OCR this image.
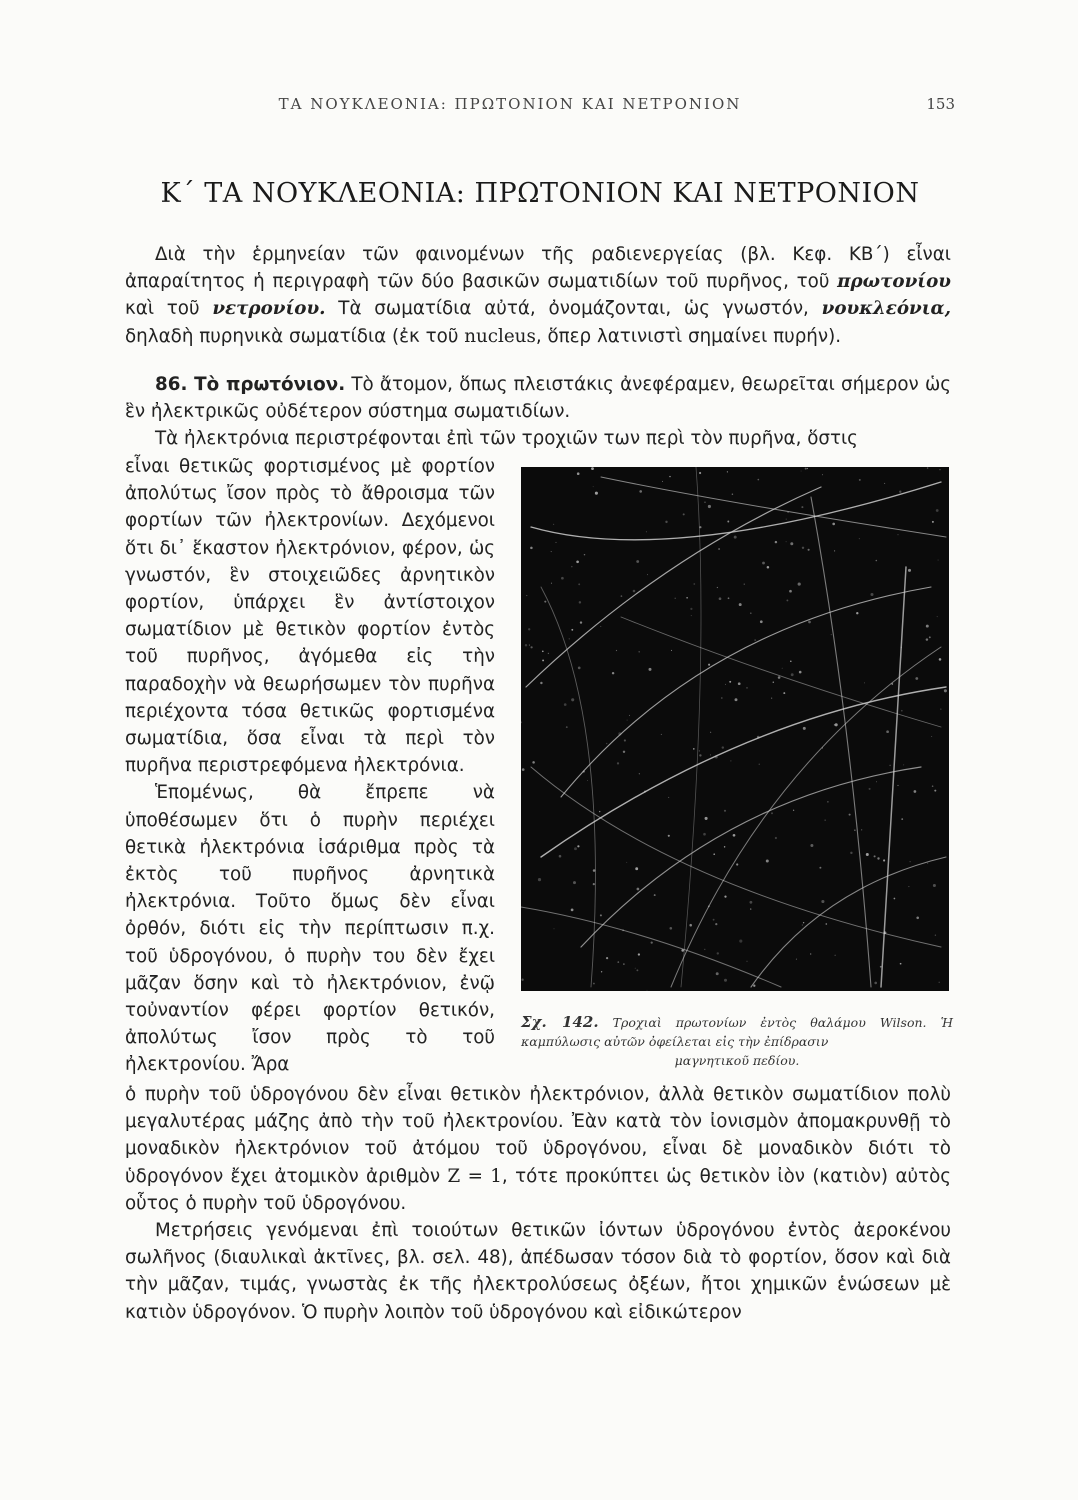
ΤΑ ΝΟΥΚΛΕΟΝΙΑ: ΠΡΩΤΟΝΙΟΝ ΚΑΙ ΝΕΤΡΟΝΙΟΝ	153
Κ΄ ΤΑ ΝΟΥΚΛΕΟΝΙΑ: ΠΡΩΤΟΝΙΟΝ ΚΑΙ ΝΕΤΡΟΝΙΟΝ

Διὰ τὴν ἑρμηνείαν τῶν φαινομένων τῆς ραδιενεργείας (βλ. Κεφ. ΚΒ΄) εἶναι ἀπαραίτητος ἡ περιγραφὴ τῶν δύο βασικῶν σωματιδίων τοῦ πυρῆνος, τοῦ πρωτονίου καὶ τοῦ νετρονίου. Τὰ σωματίδια αὐτά, ὀνομάζονται, ὡς γνωστόν, νουκλεόνια, δηλαδὴ πυρηνικὰ σωματίδια (ἐκ τοῦ nucleus, ὅπερ λατινιστὶ σημαίνει πυρήν).

86. Τὸ πρωτόνιον. Τὸ ἄτομον, ὅπως πλειστάκις ἀνεφέραμεν, θεωρεῖται σήμερον ὡς ἓν ἠλεκτρικῶς οὐδέτερον σύστημα σωματιδίων.

Τὰ ἠλεκτρόνια περιστρέφονται ἐπὶ τῶν τροχιῶν των περὶ τὸν πυρῆνα, ὅστις

εἶναι θετικῶς φορτισμένος μὲ φορτίον ἀπολύτως ἴσον πρὸς τὸ ἄθροισμα τῶν φορτίων τῶν ἠλεκτρονίων. Δεχόμενοι ὅτι δι᾿ ἕκαστον ἠλεκτρόνιον, φέρον, ὡς γνωστόν, ἓν στοιχειῶδες ἀρνητικὸν φορτίον, ὑπάρχει ἓν ἀντίστοιχον σωματίδιον μὲ θετικὸν φορτίον ἐντὸς τοῦ πυρῆνος, ἀγόμεθα εἰς τὴν παραδοχὴν νὰ θεωρήσωμεν τὸν πυρῆνα περιέχοντα τόσα θετικῶς φορτισμένα σωματίδια, ὅσα εἶναι τὰ περὶ τὸν πυρῆνα περιστρεφόμενα ἠλεκτρόνια.

Ἑπομένως, θὰ ἔπρεπε νὰ ὑποθέσωμεν ὅτι ὁ πυρὴν περιέχει θετικὰ ἠλεκτρόνια ἰσάριθμα πρὸς τὰ ἐκτὸς τοῦ πυρῆνος ἀρνητικὰ ἠλεκτρόνια. Τοῦτο ὅμως δὲν εἶναι ὀρθόν, διότι εἰς τὴν περίπτωσιν π.χ. τοῦ ὑδρογόνου, ὁ πυρὴν του δὲν ἔχει μᾶζαν ὅσην καὶ τὸ ἠλεκτρόνιον, ἐνῷ τοὐναντίον φέρει φορτίον θετικόν, ἀπολύτως ἴσον πρὸς τὸ τοῦ ἠλεκτρονίου. Ἄρα

Σχ. 142. Τροχιαὶ πρωτονίων ἐντὸς θαλάμου Wilson. Ἡ καμπύλωσις αὐτῶν ὀφείλεται εἰς τὴν ἐπίδρασιν
μαγνητικοῦ πεδίου.

ὁ πυρὴν τοῦ ὑδρογόνου δὲν εἶναι θετικὸν ἠλεκτρόνιον, ἀλλὰ θετικὸν σωματίδιον πολὺ μεγαλυτέρας μάζης ἀπὸ τὴν τοῦ ἠλεκτρονίου. Ἐὰν κατὰ τὸν ἰονισμὸν ἀπομακρυνθῇ τὸ μοναδικὸν ἠλεκτρόνιον τοῦ ἀτόμου τοῦ ὑδρογόνου, εἶναι δὲ μοναδικὸν διότι τὸ ὑδρογόνον ἔχει ἀτομικὸν ἀριθμὸν Z = 1, τότε προκύπτει ὡς θετικὸν ἰὸν (κατιὸν) αὐτὸς οὗτος ὁ πυρὴν τοῦ ὑδρογόνου.

Μετρήσεις γενόμεναι ἐπὶ τοιούτων θετικῶν ἰόντων ὑδρογόνου ἐντὸς ἀεροκένου σωλῆνος (διαυλικαὶ ἀκτῖνες, βλ. σελ. 48), ἀπέδωσαν τόσον διὰ τὸ φορτίον, ὅσον καὶ διὰ τὴν μᾶζαν, τιμάς, γνωστὰς ἐκ τῆς ἠλεκτρολύσεως ὀξέων, ἤτοι χημικῶν ἑνώσεων μὲ κατιὸν ὑδρογόνον. Ὁ πυρὴν λοιπὸν τοῦ ὑδρογόνου καὶ εἰδικώτερον
